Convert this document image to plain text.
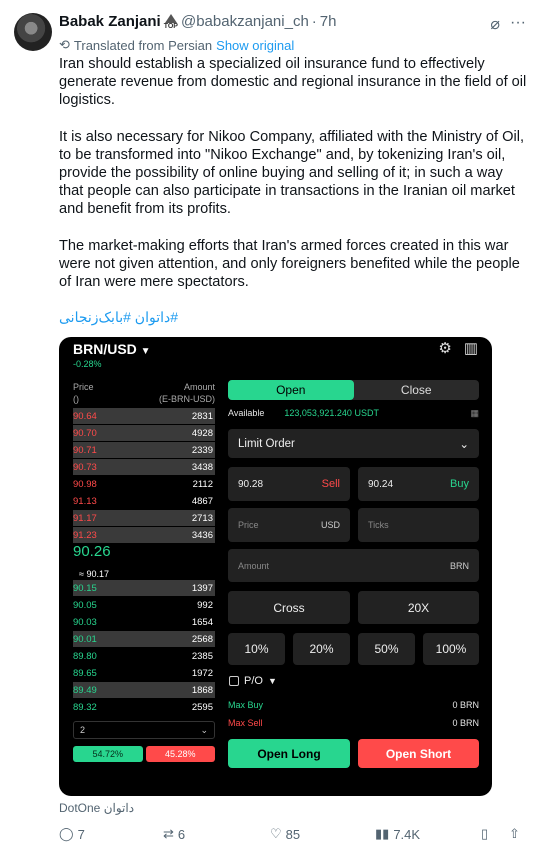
Babak Zanjani TOP @babakzanjani_ch · 7h	⌀ ···
⟲ Translated from Persian Show original
Iran should establish a specialized oil insurance fund to effectively generate revenue from domestic and regional insurance in the field of oil logistics.
It is also necessary for Nikoo Company, affiliated with the Ministry of Oil, to be transformed into "Nikoo Exchange" and, by tokenizing Iran's oil, provide the possibility of online buying and selling of it; in such a way that people can also participate in transactions in the Iranian oil market and benefit from its profits.
The market-making efforts that Iran's armed forces created in this war were not given attention, and only foreigners benefited while the people of Iran were mere spectators.
#داتوان #بابک‌زنجانی
BRN/USD ▼
-0.28%
⚙ ▥
Price
()
Amount
(E-BRN-USD)
90.64	2831
90.70	4928
90.71	2339
90.73	3438
90.98	2112
91.13	4867
91.17	2713
91.23	3436
90.26
≈ 90.17
90.15	1397
90.05	992
90.03	1654
90.01	2568
89.80	2385
89.65	1972
89.49	1868
89.32	2595
2	⌄
54.72%	45.28%
Open	Close
Available 123,053,921.240 USDT	▦
Limit Order	⌄
90.28	Sell	90.24	Buy
Price	USD	Ticks
Amount	BRN
Cross	20X
10%	20%	50%	100%
P/O ▼
Max Buy	0 BRN
Max Sell	0 BRN
Open Long	Open Short
DotOne داتوان
◯ 7	⇄ 6	♡ 85	▮▮ 7.4K	▯ ⇧
